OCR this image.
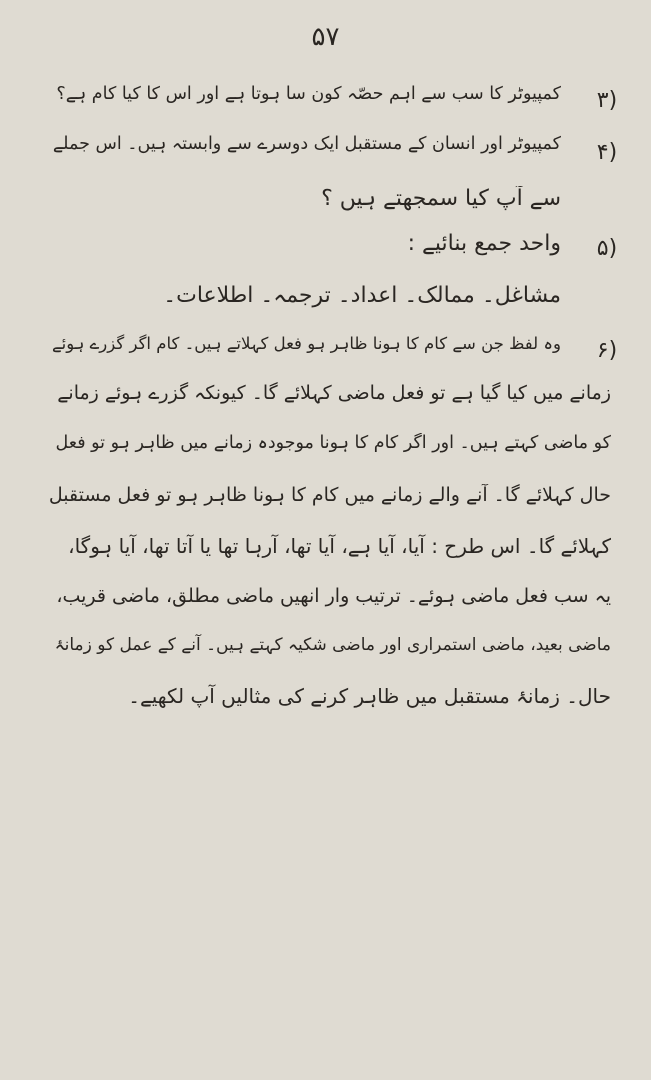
۵۷
(۳
کمپیوٹر کا سب سے اہم حصّہ کون سا ہوتا ہے اور اس کا کیا کام ہے؟
(۴
کمپیوٹر اور انسان کے مستقبل ایک دوسرے سے وابستہ ہیں۔ اس جملے
سے آپ کیا سمجھتے ہیں ؟
(۵
واحد جمع بنائیے :
مشاغل۔ ممالک۔ اعداد۔ ترجمہ۔ اطلاعات۔
(۶
وہ لفظ جن سے کام کا ہونا ظاہر ہو فعل کہلاتے ہیں۔ کام اگر گزرے ہوئے
زمانے میں کیا گیا ہے تو فعل ماضی کہلائے گا۔ کیونکہ گزرے ہوئے زمانے
کو ماضی کہتے ہیں۔ اور اگر کام کا ہونا موجودہ زمانے میں ظاہر ہو تو فعل
حال کہلائے گا۔ آنے والے زمانے میں کام کا ہونا ظاہر ہو تو فعل مستقبل
کہلائے گا۔ اس طرح : آیا، آیا ہے، آیا تھا، آرہا تھا یا آتا تھا، آیا ہوگا،
یہ سب فعل ماضی ہوئے۔ ترتیب وار انھیں ماضی مطلق، ماضی قریب،
ماضی بعید، ماضی استمراری اور ماضی شکیہ کہتے ہیں۔ آنے کے عمل کو زمانۂ
حال۔ زمانۂ مستقبل میں ظاہر کرنے کی مثالیں آپ لکھیے۔
